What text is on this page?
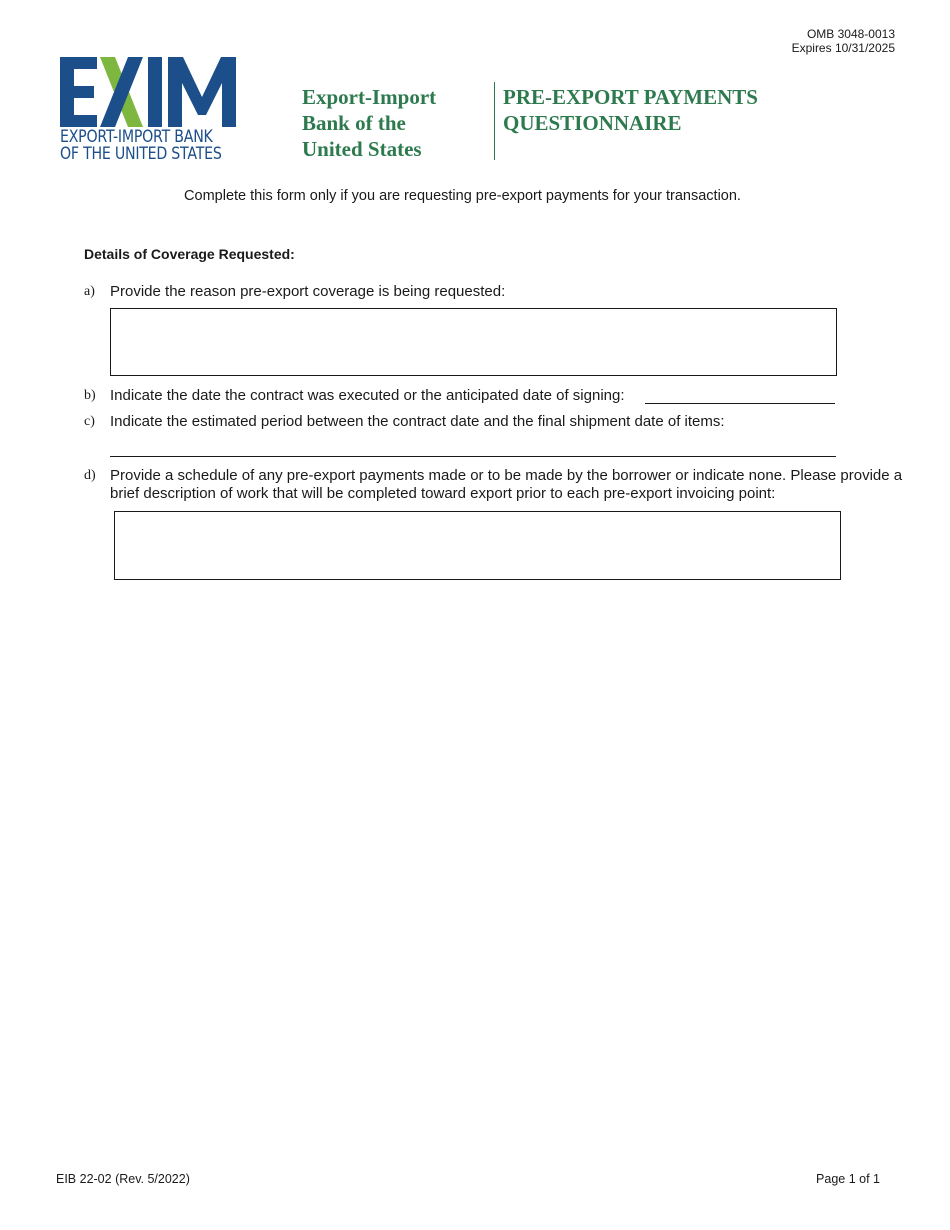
OMB 3048-0013
Expires 10/31/2025
EXPORT-IMPORT BANK
OF THE UNITED STATES
Export-Import
Bank of the
United States
PRE-EXPORT PAYMENTS
QUESTIONNAIRE
Complete this form only if you are requesting pre-export payments for your transaction.
Details of Coverage Requested:
a) Provide the reason pre-export coverage is being requested:
b) Indicate the date the contract was executed or the anticipated date of signing:
c) Indicate the estimated period between the contract date and the final shipment date of items:
d) Provide a schedule of any pre-export payments made or to be made by the borrower or indicate none. Please provide a brief description of work that will be completed toward export prior to each pre-export invoicing point:
EIB 22-02 (Rev. 5/2022)	Page 1 of 1
